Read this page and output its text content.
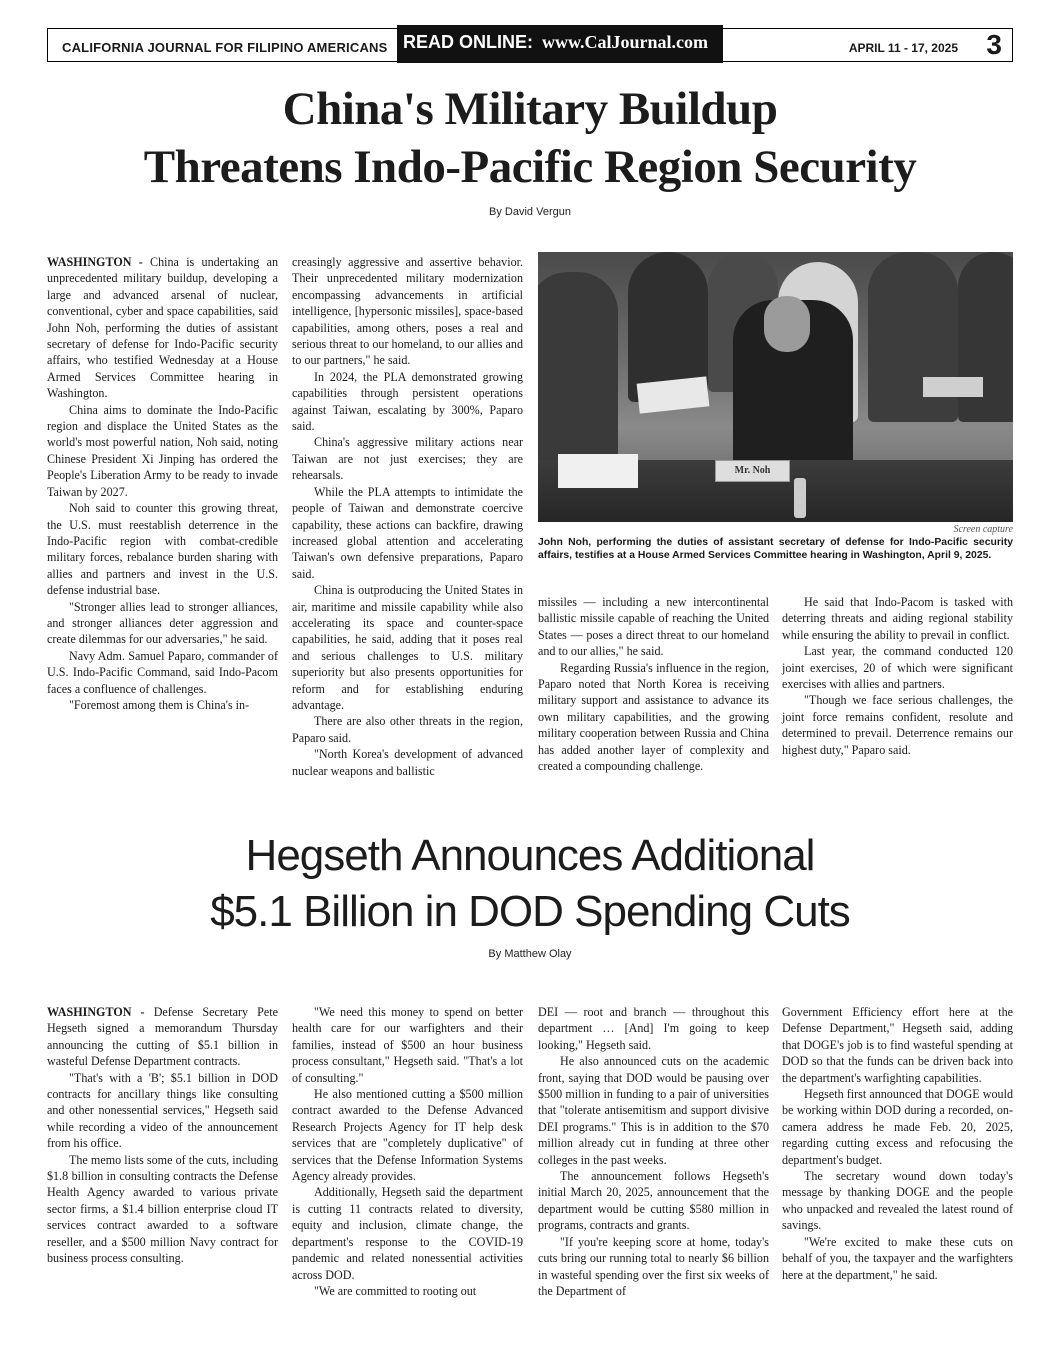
CALIFORNIA JOURNAL FOR FILIPINO AMERICANS READ ONLINE: www.CalJournal.com	APRIL 11 - 17, 2025 3
China's Military Buildup
Threatens Indo-Pacific Region Security
By David Vergun

WASHINGTON - China is undertaking an unprecedented military buildup, developing a large and advanced arsenal of nuclear, conventional, cyber and space capabilities, said John Noh, performing the duties of assistant secretary of defense for Indo-Pacific security affairs, who testified Wednesday at a House Armed Services Committee hearing in Washington.

China aims to dominate the Indo-Pacific region and displace the United States as the world's most powerful nation, Noh said, noting Chinese President Xi Jinping has ordered the People's Liberation Army to be ready to invade Taiwan by 2027.

Noh said to counter this growing threat, the U.S. must reestablish deterrence in the Indo-Pacific region with combat-credible military forces, rebalance burden sharing with allies and partners and invest in the U.S. defense industrial base.

"Stronger allies lead to stronger alliances, and stronger alliances deter aggression and create dilemmas for our adversaries," he said.

Navy Adm. Samuel Paparo, commander of U.S. Indo-Pacific Command, said Indo-Pacom faces a confluence of challenges.

"Foremost among them is China's in-

creasingly aggressive and assertive behavior. Their unprecedented military modernization encompassing advancements in artificial intelligence, [hypersonic missiles], space-based capabilities, among others, poses a real and serious threat to our homeland, to our allies and to our partners," he said.

In 2024, the PLA demonstrated growing capabilities through persistent operations against Taiwan, escalating by 300%, Paparo said.

China's aggressive military actions near Taiwan are not just exercises; they are rehearsals.

While the PLA attempts to intimidate the people of Taiwan and demonstrate coercive capability, these actions can backfire, drawing increased global attention and accelerating Taiwan's own defensive preparations, Paparo said.

China is outproducing the United States in air, maritime and missile capability while also accelerating its space and counter-space capabilities, he said, adding that it poses real and serious challenges to U.S. military superiority but also presents opportunities for reform and for establishing enduring advantage.

There are also other threats in the region, Paparo said.

"North Korea's development of advanced nuclear weapons and ballistic

missiles — including a new intercontinental ballistic missile capable of reaching the United States — poses a direct threat to our homeland and to our allies," he said.

Regarding Russia's influence in the region, Paparo noted that North Korea is receiving military support and assistance to advance its own military capabilities, and the growing military cooperation between Russia and China has added another layer of complexity and created a compounding challenge.

He said that Indo-Pacom is tasked with deterring threats and aiding regional stability while ensuring the ability to prevail in conflict.

Last year, the command conducted 120 joint exercises, 20 of which were significant exercises with allies and partners.

"Though we face serious challenges, the joint force remains confident, resolute and determined to prevail. Deterrence remains our highest duty," Paparo said.

Mr. Noh
Screen capture
John Noh, performing the duties of assistant secretary of defense for Indo-Pacific security affairs, testifies at a House Armed Services Committee hearing in Washington, April 9, 2025.
Hegseth Announces Additional
$5.1 Billion in DOD Spending Cuts
By Matthew Olay

WASHINGTON - Defense Secretary Pete Hegseth signed a memorandum Thursday announcing the cutting of $5.1 billion in wasteful Defense Department contracts.

"That's with a 'B'; $5.1 billion in DOD contracts for ancillary things like consulting and other nonessential services," Hegseth said while recording a video of the announcement from his office.

The memo lists some of the cuts, including $1.8 billion in consulting contracts the Defense Health Agency awarded to various private sector firms, a $1.4 billion enterprise cloud IT services contract awarded to a software reseller, and a $500 million Navy contract for business process consulting.

"We need this money to spend on better health care for our warfighters and their families, instead of $500 an hour business process consultant," Hegseth said. "That's a lot of consulting."

He also mentioned cutting a $500 million contract awarded to the Defense Advanced Research Projects Agency for IT help desk services that are "completely duplicative" of services that the Defense Information Systems Agency already provides.

Additionally, Hegseth said the department is cutting 11 contracts related to diversity, equity and inclusion, climate change, the department's response to the COVID-19 pandemic and related nonessential activities across DOD.

"We are committed to rooting out

DEI — root and branch — throughout this department … [And] I'm going to keep looking," Hegseth said.

He also announced cuts on the academic front, saying that DOD would be pausing over $500 million in funding to a pair of universities that "tolerate antisemitism and support divisive DEI programs." This is in addition to the $70 million already cut in funding at three other colleges in the past weeks.

The announcement follows Hegseth's initial March 20, 2025, announcement that the department would be cutting $580 million in programs, contracts and grants.

"If you're keeping score at home, today's cuts bring our running total to nearly $6 billion in wasteful spending over the first six weeks of the Department of

Government Efficiency effort here at the Defense Department," Hegseth said, adding that DOGE's job is to find wasteful spending at DOD so that the funds can be driven back into the department's warfighting capabilities.

Hegseth first announced that DOGE would be working within DOD during a recorded, on-camera address he made Feb. 20, 2025, regarding cutting excess and refocusing the department's budget.

The secretary wound down today's message by thanking DOGE and the people who unpacked and revealed the latest round of savings.

"We're excited to make these cuts on behalf of you, the taxpayer and the warfighters here at the department," he said.
